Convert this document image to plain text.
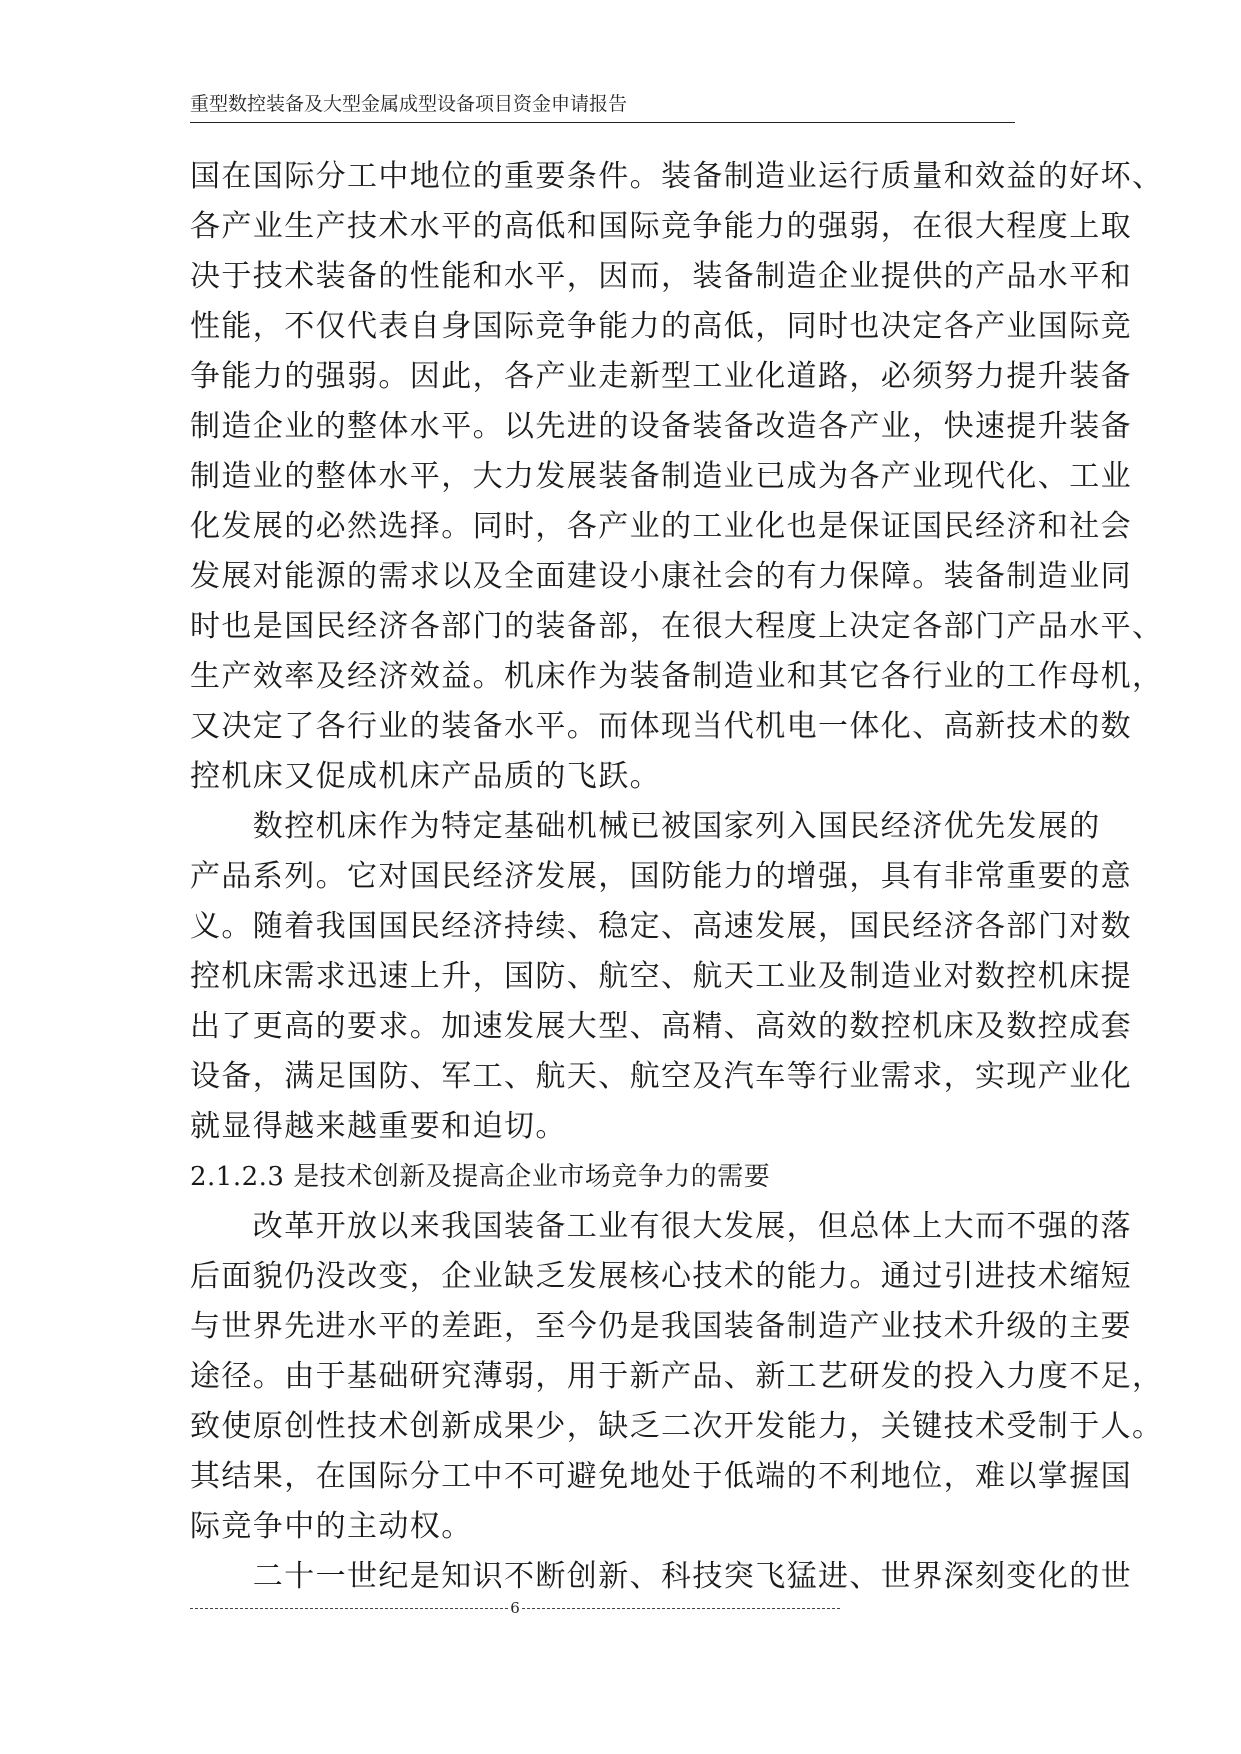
重型数控装备及大型金属成型设备项目资金申请报告

国在国际分工中地位的重要条件。装备制造业运行质量和效益的好坏、

各产业生产技术水平的高低和国际竞争能力的强弱，在很大程度上取

决于技术装备的性能和水平，因而，装备制造企业提供的产品水平和

性能，不仅代表自身国际竞争能力的高低，同时也决定各产业国际竞

争能力的强弱。因此，各产业走新型工业化道路，必须努力提升装备

制造企业的整体水平。以先进的设备装备改造各产业，快速提升装备

制造业的整体水平，大力发展装备制造业已成为各产业现代化、工业

化发展的必然选择。同时，各产业的工业化也是保证国民经济和社会

发展对能源的需求以及全面建设小康社会的有力保障。装备制造业同

时也是国民经济各部门的装备部，在很大程度上决定各部门产品水平、

生产效率及经济效益。机床作为装备制造业和其它各行业的工作母机，

又决定了各行业的装备水平。而体现当代机电一体化、高新技术的数

控机床又促成机床产品质的飞跃。

　　数控机床作为特定基础机械已被国家列入国民经济优先发展的

产品系列。它对国民经济发展，国防能力的增强，具有非常重要的意

义。随着我国国民经济持续、稳定、高速发展，国民经济各部门对数

控机床需求迅速上升，国防、航空、航天工业及制造业对数控机床提

出了更高的要求。加速发展大型、高精、高效的数控机床及数控成套

设备，满足国防、军工、航天、航空及汽车等行业需求，实现产业化

就显得越来越重要和迫切。

2.1.2.3 是技术创新及提高企业市场竞争力的需要

　　改革开放以来我国装备工业有很大发展，但总体上大而不强的落

后面貌仍没改变，企业缺乏发展核心技术的能力。通过引进技术缩短

与世界先进水平的差距，至今仍是我国装备制造产业技术升级的主要

途径。由于基础研究薄弱，用于新产品、新工艺研发的投入力度不足，

致使原创性技术创新成果少，缺乏二次开发能力，关键技术受制于人。

其结果，在国际分工中不可避免地处于低端的不利地位，难以掌握国

际竞争中的主动权。

　　二十一世纪是知识不断创新、科技突飞猛进、世界深刻变化的世

6
